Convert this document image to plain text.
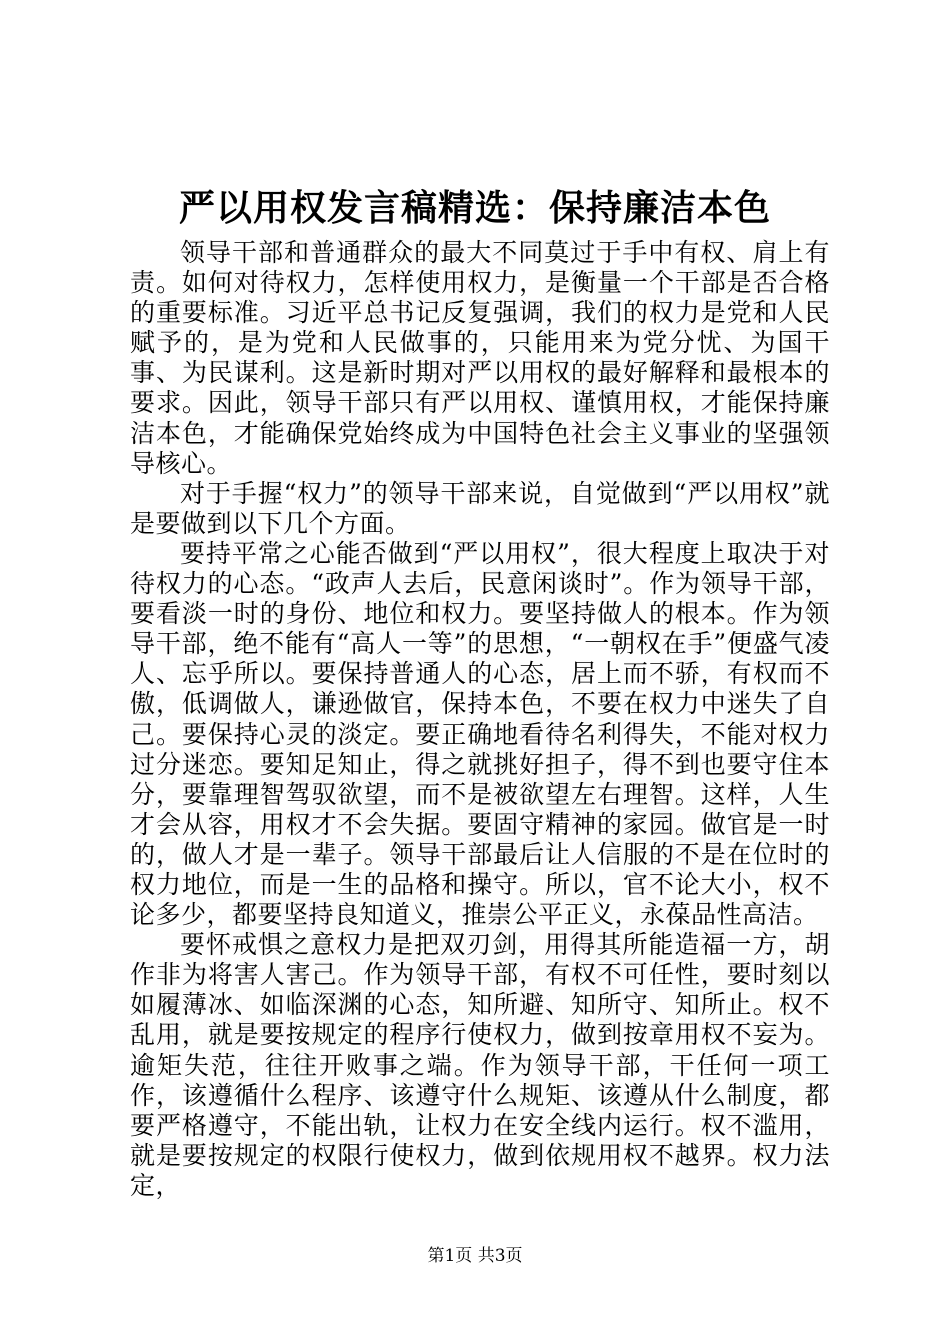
严以用权发言稿精选：保持廉洁本色

领导干部和普通群众的最大不同莫过于手中有权、肩上有责。如何对待权力，怎样使用权力，是衡量一个干部是否合格的重要标准。习近平总书记反复强调，我们的权力是党和人民赋予的，是为党和人民做事的，只能用来为党分忧、为国干事、为民谋利。这是新时期对严以用权的最好解释和最根本的要求。因此，领导干部只有严以用权、谨慎用权，才能保持廉洁本色，才能确保党始终成为中国特色社会主义事业的坚强领导核心。

对于手握“权力”的领导干部来说，自觉做到“严以用权”就是要做到以下几个方面。

要持平常之心能否做到“严以用权”，很大程度上取决于对待权力的心态。“政声人去后，民意闲谈时”。作为领导干部，要看淡一时的身份、地位和权力。要坚持做人的根本。作为领导干部，绝不能有“高人一等”的思想，“一朝权在手”便盛气凌人、忘乎所以。要保持普通人的心态，居上而不骄，有权而不傲，低调做人，谦逊做官，保持本色，不要在权力中迷失了自己。要保持心灵的淡定。要正确地看待名利得失，不能对权力过分迷恋。要知足知止，得之就挑好担子，得不到也要守住本分，要靠理智驾驭欲望，而不是被欲望左右理智。这样，人生才会从容，用权才不会失据。要固守精神的家园。做官是一时的，做人才是一辈子。领导干部最后让人信服的不是在位时的权力地位，而是一生的品格和操守。所以，官不论大小，权不论多少，都要坚持良知道义，推崇公平正义，永葆品性高洁。

要怀戒惧之意权力是把双刃剑，用得其所能造福一方，胡作非为将害人害己。作为领导干部，有权不可任性，要时刻以如履薄冰、如临深渊的心态，知所避、知所守、知所止。权不乱用，就是要按规定的程序行使权力，做到按章用权不妄为。逾矩失范，往往开败事之端。作为领导干部，干任何一项工作，该遵循什么程序、该遵守什么规矩、该遵从什么制度，都要严格遵守，不能出轨，让权力在安全线内运行。权不滥用，就是要按规定的权限行使权力，做到依规用权不越界。权力法定，

第1页 共3页
